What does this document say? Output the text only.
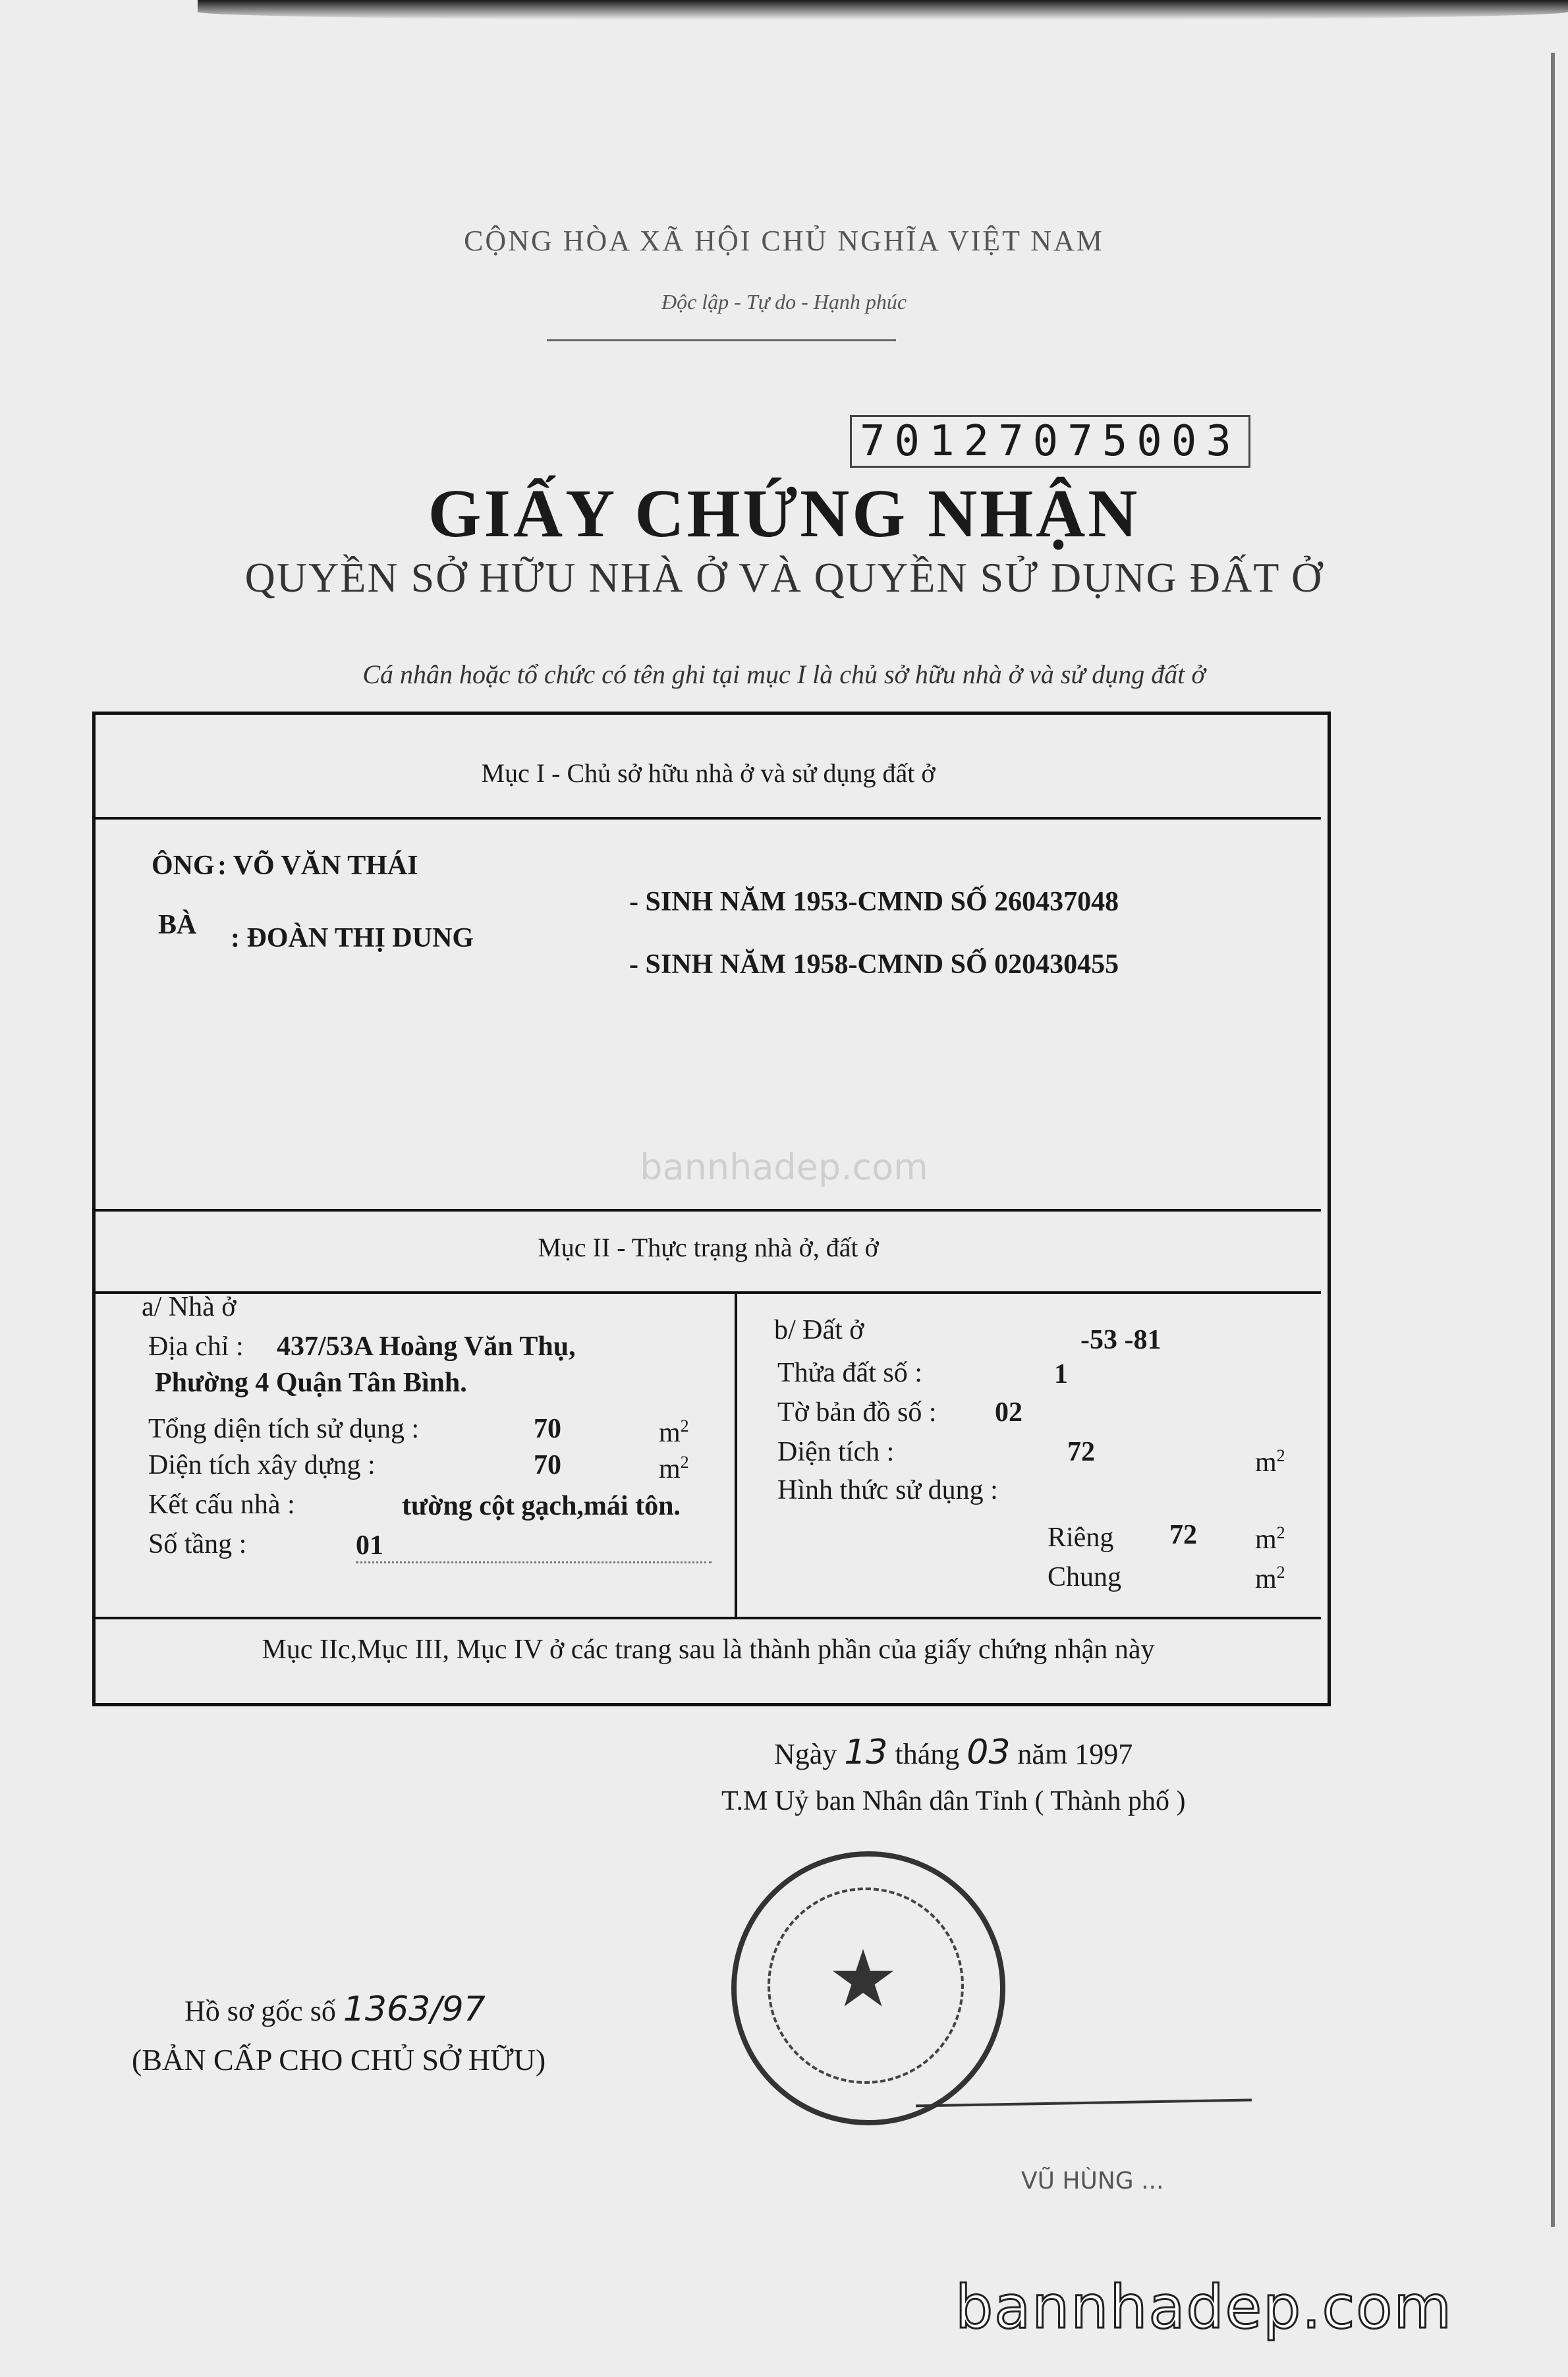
CỘNG HÒA XÃ HỘI CHỦ NGHĨA VIỆT NAM
Độc lập - Tự do - Hạnh phúc
70127075003
GIẤY CHỨNG NHẬN
QUYỀN SỞ HỮU NHÀ Ở VÀ QUYỀN SỬ DỤNG ĐẤT Ở
Cá nhân hoặc tổ chức có tên ghi tại mục I là chủ sở hữu nhà ở và sử dụng đất ở
Mục I - Chủ sở hữu nhà ở và sử dụng đất ở
ÔNG : VÕ VĂN THÁI
- SINH NĂM 1953-CMND SỐ 260437048
BÀ : ĐOÀN THỊ DUNG
- SINH NĂM 1958-CMND SỐ 020430455
bannhadep.com
Mục II - Thực trạng nhà ở, đất ở
a/ Nhà ở
Địa chỉ : 437/53A Hoàng Văn Thụ,
Phường 4 Quận Tân Bình.
Tổng diện tích sử dụng :	70	$m^2$
Diện tích xây dựng :	70	$m^2$
Kết cấu nhà :	tường cột gạch,mái tôn.
Số tầng :	01
b/ Đất ở	-53 -81
Thửa đất số :	1
Tờ bản đồ số : 02
Diện tích :	72	$m^2$
Hình thức sử dụng :
Riêng 72 $m^2$
Chung	$m^2$
Mục IIc,Mục III, Mục IV ở các trang sau là thành phần của giấy chứng nhận này
Ngày 13 tháng 03 năm 1997
T.M Uỷ ban Nhân dân Tỉnh ( Thành phố )
★
VŨ HÙNG ...
Hồ sơ gốc số 1363/97
(BẢN CẤP CHO CHỦ SỞ HỮU)
bannhadep.com
